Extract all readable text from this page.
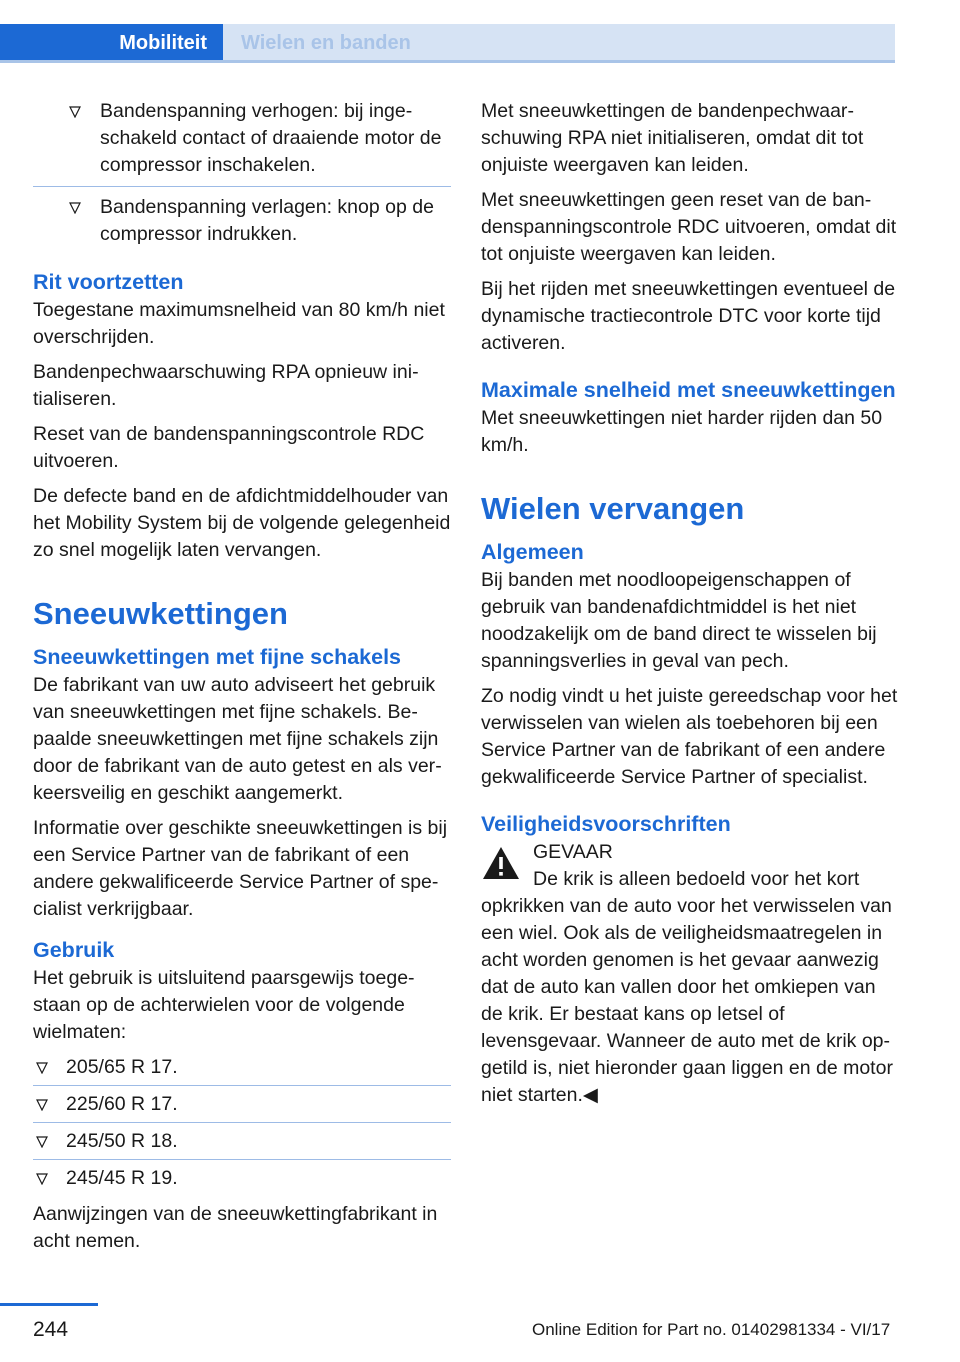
Mobiliteit	Wielen en banden
Bandenspanning verhogen: bij ingeschakeld contact of draaiende motor de compressor inschakelen.
Bandenspanning verlagen: knop op de compressor indrukken.
Rit voortzetten

Toegestane maximumsnelheid van 80 km/h niet overschrijden.

Bandenpechwaarschuwing RPA opnieuw initialiseren.

Reset van de bandenspanningscontrole RDC uitvoeren.

De defecte band en de afdichtmiddelhouder van het Mobility System bij de volgende gelegenheid zo snel mogelijk laten vervangen.

Sneeuwkettingen
Sneeuwkettingen met fijne schakels

De fabrikant van uw auto adviseert het gebruik van sneeuwkettingen met fijne schakels. Bepaalde sneeuwkettingen met fijne schakels zijn door de fabrikant van de auto getest en als verkeersveilig en geschikt aangemerkt.

Informatie over geschikte sneeuwkettingen is bij een Service Partner van de fabrikant of een andere gekwalificeerde Service Partner of specialist verkrijgbaar.

Gebruik

Het gebruik is uitsluitend paarsgewijs toegestaan op de achterwielen voor de volgende wielmaten:

205/65 R 17.
225/60 R 17.
245/50 R 18.
245/45 R 19.

Aanwijzingen van de sneeuwkettingfabrikant in acht nemen.

Met sneeuwkettingen de bandenpechwaarschuwing RPA niet initialiseren, omdat dit tot onjuiste weergaven kan leiden.

Met sneeuwkettingen geen reset van de bandenspanningscontrole RDC uitvoeren, omdat dit tot onjuiste weergaven kan leiden.

Bij het rijden met sneeuwkettingen eventueel de dynamische tractiecontrole DTC voor korte tijd activeren.

Maximale snelheid met sneeuwkettingen

Met sneeuwkettingen niet harder rijden dan 50 km/h.

Wielen vervangen
Algemeen

Bij banden met noodloopeigenschappen of gebruik van bandenafdichtmiddel is het niet noodzakelijk om de band direct te wisselen bij spanningsverlies in geval van pech.

Zo nodig vindt u het juiste gereedschap voor het verwisselen van wielen als toebehoren bij een Service Partner van de fabrikant of een andere gekwalificeerde Service Partner of specialist.

Veiligheidsvoorschriften
GEVAAR
De krik is alleen bedoeld voor het kort opkrikken van de auto voor het verwisselen van een wiel. Ook als de veiligheidsmaatregelen in acht worden genomen is het gevaar aanwezig dat de auto kan vallen door het omkiepen van de krik. Er bestaat kans op letsel of levensgevaar. Wanneer de auto met de krik opgetild is, niet hieronder gaan liggen en de motor niet starten.◀
244	Online Edition for Part no. 01402981334 - VI/17
